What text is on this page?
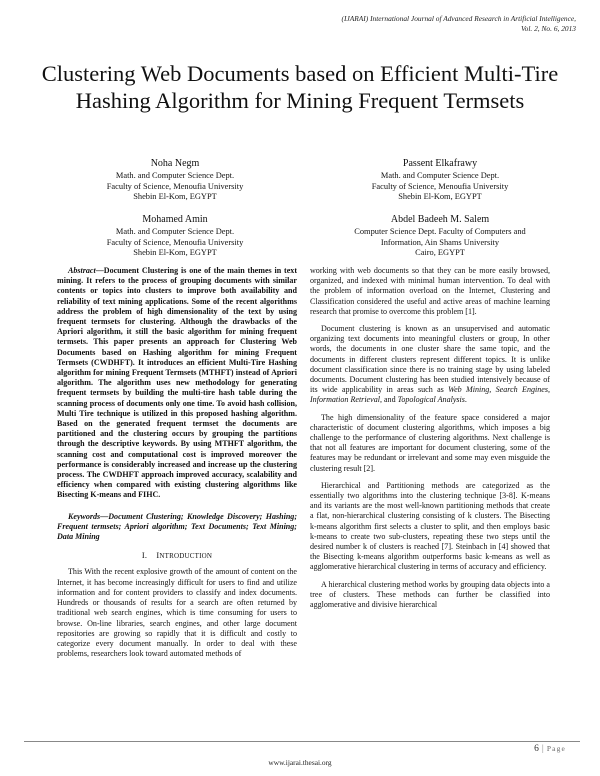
(IJARAI) International Journal of Advanced Research in Artificial Intelligence,
Vol. 2, No. 6, 2013
Clustering Web Documents based on Efficient Multi-Tire Hashing Algorithm for Mining Frequent Termsets
Noha Negm
Math. and Computer Science Dept.
Faculty of Science, Menoufia University
Shebin El-Kom, EGYPT
Passent Elkafrawy
Math. and Computer Science Dept.
Faculty of Science, Menoufia University
Shebin El-Kom, EGYPT
Mohamed Amin
Math. and Computer Science Dept.
Faculty of Science, Menoufia University
Shebin El-Kom, EGYPT
Abdel Badeeh M. Salem
Computer Science Dept. Faculty of Computers and
Information, Ain Shams University
Cairo, EGYPT

Abstract—Document Clustering is one of the main themes in text mining. It refers to the process of grouping documents with similar contents or topics into clusters to improve both availability and reliability of text mining applications. Some of the recent algorithms address the problem of high dimensionality of the text by using frequent termsets for clustering. Although the drawbacks of the Apriori algorithm, it still the basic algorithm for mining frequent termsets. This paper presents an approach for Clustering Web Documents based on Hashing algorithm for mining Frequent Termsets (CWDHFT). It introduces an efficient Multi-Tire Hashing algorithm for mining Frequent Termsets (MTHFT) instead of Apriori algorithm. The algorithm uses new methodology for generating frequent termsets by building the multi-tire hash table during the scanning process of documents only one time. To avoid hash collision, Multi Tire technique is utilized in this proposed hashing algorithm. Based on the generated frequent termset the documents are partitioned and the clustering occurs by grouping the partitions through the descriptive keywords. By using MTHFT algorithm, the scanning cost and computational cost is improved moreover the performance is considerably increased and increase up the clustering process. The CWDHFT approach improved accuracy, scalability and efficiency when compared with existing clustering algorithms like Bisecting K-means and FIHC.

Keywords—Document Clustering; Knowledge Discovery; Hashing; Frequent termsets; Apriori algorithm; Text Documents; Text Mining; Data Mining

I. INTRODUCTION

This With the recent explosive growth of the amount of content on the Internet, it has become increasingly difficult for users to find and utilize information and for content providers to classify and index documents. Hundreds or thousands of results for a search are often returned by traditional web search engines, which is time consuming for users to browse. On-line libraries, search engines, and other large document repositories are growing so rapidly that it is difficult and costly to categorize every document manually. In order to deal with these problems, researchers look toward automated methods of

working with web documents so that they can be more easily browsed, organized, and indexed with minimal human intervention. To deal with the problem of information overload on the Internet, Clustering and Classification considered the useful and active areas of machine learning research that promise to overcome this problem [1].

Document clustering is known as an unsupervised and automatic organizing text documents into meaningful clusters or group, In other words, the documents in one cluster share the same topic, and the documents in different clusters represent different topics. It is unlike document classification since there is no training stage by using labeled documents. Document clustering has been studied intensively because of its wide applicability in areas such as Web Mining, Search Engines, Information Retrieval, and Topological Analysis.

The high dimensionality of the feature space considered a major characteristic of document clustering algorithms, which imposes a big challenge to the performance of clustering algorithms. Next challenge is that not all features are important for document clustering, some of the features may be redundant or irrelevant and some may even misguide the clustering result [2].

Hierarchical and Partitioning methods are categorized as the essentially two algorithms into the clustering technique [3-8]. K-means and its variants are the most well-known partitioning methods that create a flat, non-hierarchical clustering consisting of k clusters. The Bisecting k-means algorithm first selects a cluster to split, and then employs basic k-means to create two sub-clusters, repeating these two steps until the desired number k of clusters is reached [7]. Steinbach in [4] showed that the Bisecting k-means algorithm outperforms basic k-means as well as agglomerative hierarchical clustering in terms of accuracy and efficiency.

A hierarchical clustering method works by grouping data objects into a tree of clusters. These methods can further be classified into agglomerative and divisive hierarchical

6 | Page
www.ijarai.thesai.org
